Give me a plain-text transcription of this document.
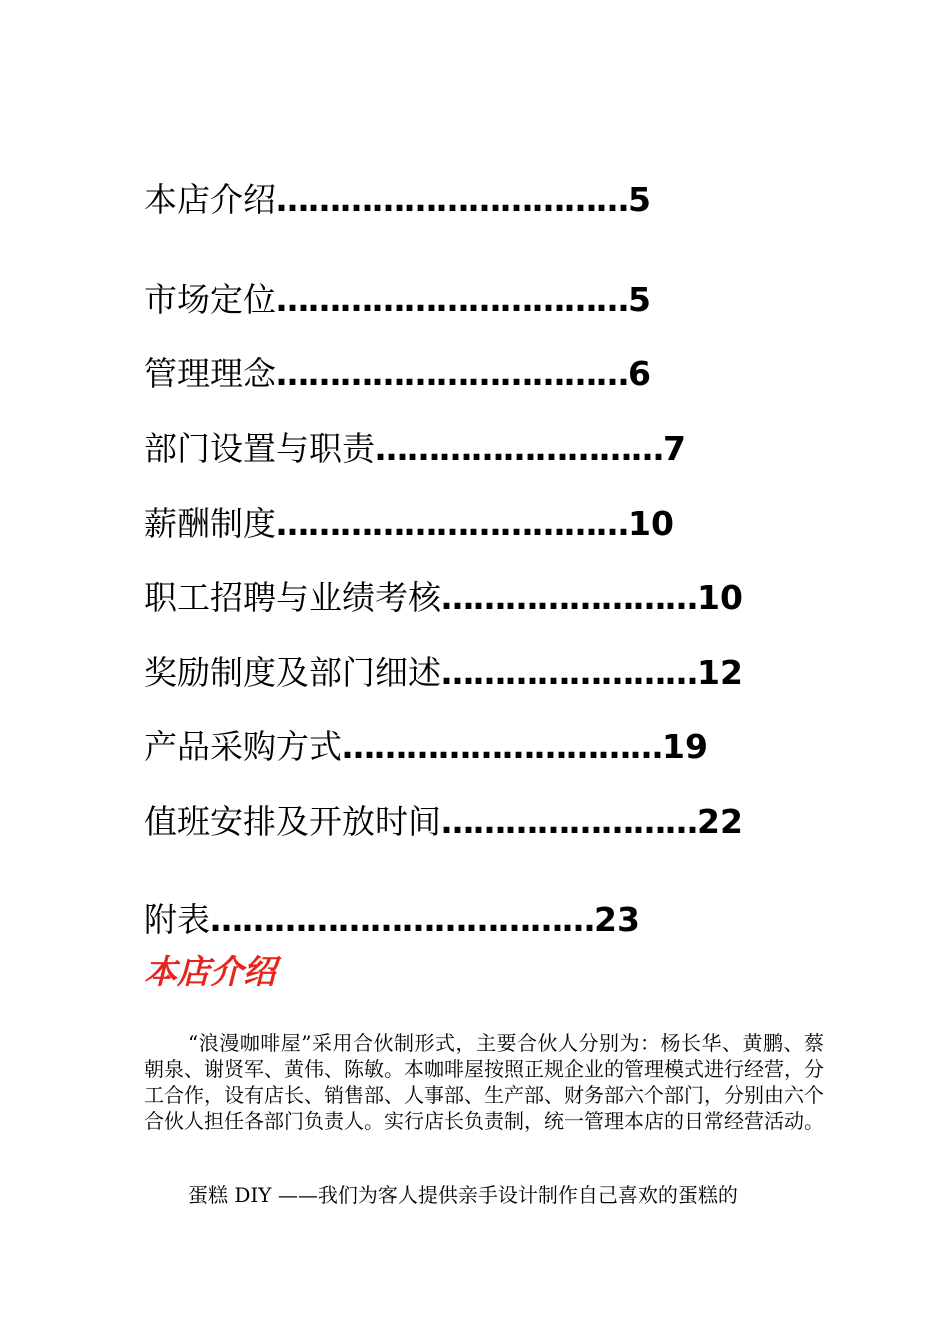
本店介绍 …………………………… 5
市场定位 …………………………… 5
管理理念 …………………………… 6
部门设置与职责 ……………………… 7
薪酬制度 …………………………… 10
职工招聘与业绩考核 …………………… 10
奖励制度及部门细述 …………………… 12
产品采购方式 ………………………… 19
值班安排及开放时间 …………………… 22
附表 ……………………………… 23
本店介绍

“浪漫咖啡屋”采用合伙制形式，主要合伙人分别为：杨长华、黄鹏、蔡朝泉、谢贤军、黄伟、陈敏。本咖啡屋按照正规企业的管理模式进行经营，分工合作，设有店长、销售部、人事部、生产部、财务部六个部门，分别由六个合伙人担任各部门负责人。实行店长负责制，统一管理本店的日常经营活动。

蛋糕 DIY ——我们为客人提供亲手设计制作自己喜欢的蛋糕的
